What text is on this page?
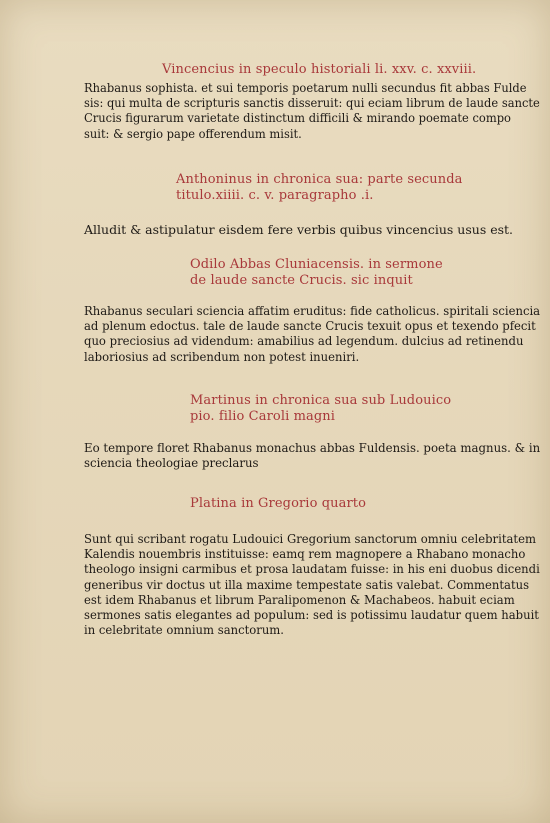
Vincencius in speculo historiali li. xxv. c. xxviii.
Rhabanus sophista. et sui temporis poetarum nulli secundus fit abbas Fulde
sis: qui multa de scripturis sanctis disseruit: qui eciam librum de laude sancte
Crucis figurarum varietate distinctum difficili & mirando poemate compo
suit: & sergio pape offerendum misit.
Anthoninus in chronica sua: parte secunda
titulo.xiiii. c. v. paragrapho .i.
Alludit & astipulatur eisdem fere verbis quibus vincencius usus est.
Odilo Abbas Cluniacensis. in sermone
de laude sancte Crucis. sic inquit
Rhabanus seculari sciencia affatim eruditus: fide catholicus. spiritali sciencia
ad plenum edoctus. tale de laude sancte Crucis texuit opus et texendo pfecit
quo preciosius ad videndum: amabilius ad legendum. dulcius ad retinendu
laboriosius ad scribendum non potest inueniri.
Martinus in chronica sua sub Ludouico
pio. filio Caroli magni
Eo tempore floret Rhabanus monachus abbas Fuldensis. poeta magnus. & in
sciencia theologiae preclarus
Platina in Gregorio quarto
Sunt qui scribant rogatu Ludouici Gregorium sanctorum omniu celebritatem
Kalendis nouembris instituisse: eamq rem magnopere a Rhabano monacho
theologo insigni carmibus et prosa laudatam fuisse: in his eni duobus dicendi
generibus vir doctus ut illa maxime tempestate satis valebat. Commentatus
est idem Rhabanus et librum Paralipomenon & Machabeos. habuit eciam
sermones satis elegantes ad populum: sed is potissimu laudatur quem habuit
in celebritate omnium sanctorum.
